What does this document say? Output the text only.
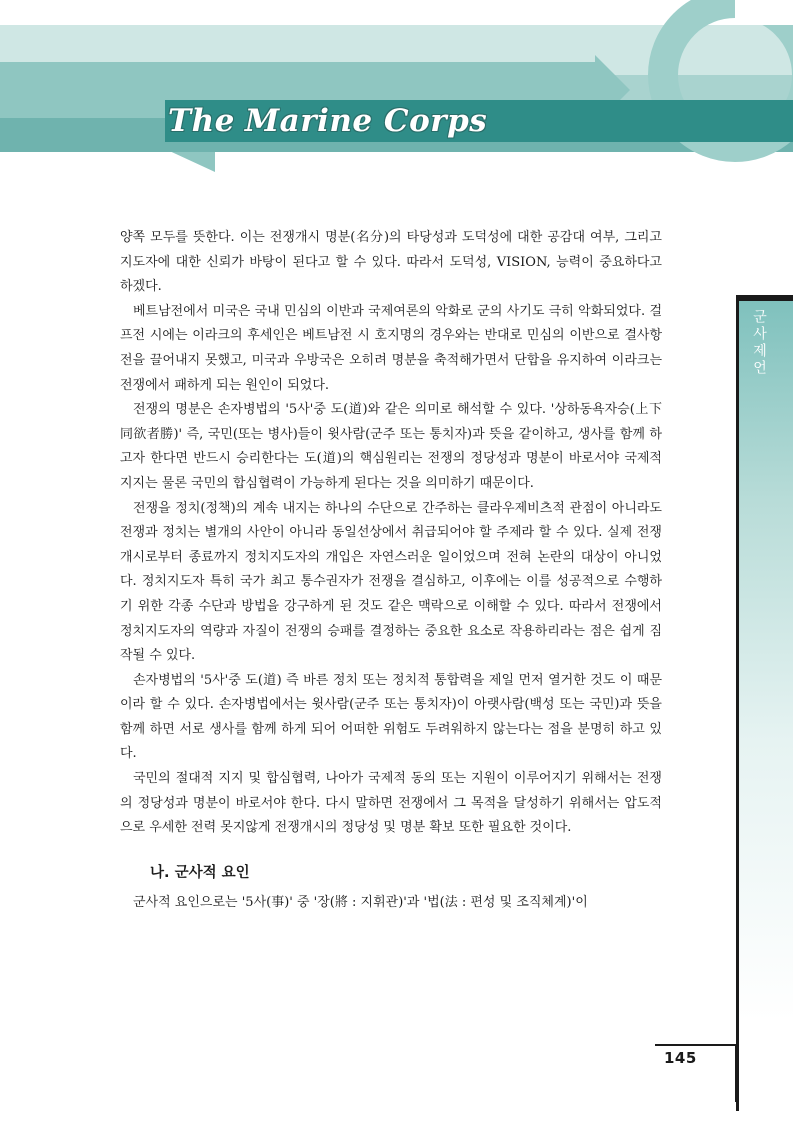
The Marine Corps
군사제언

양쪽 모두를 뜻한다. 이는 전쟁개시 명분(名分)의 타당성과 도덕성에 대한 공감대 여부, 그리고 지도자에 대한 신뢰가 바탕이 된다고 할 수 있다. 따라서 도덕성, VISION, 능력이 중요하다고 하겠다.

베트남전에서 미국은 국내 민심의 이반과 국제여론의 악화로 군의 사기도 극히 악화되었다. 걸프전 시에는 이라크의 후세인은 베트남전 시 호지명의 경우와는 반대로 민심의 이반으로 결사항전을 끌어내지 못했고, 미국과 우방국은 오히려 명분을 축적해가면서 단합을 유지하여 이라크는 전쟁에서 패하게 되는 원인이 되었다.

전쟁의 명분은 손자병법의 '5사'중 도(道)와 같은 의미로 해석할 수 있다. '상하동욕자승(上下同欲者勝)' 즉, 국민(또는 병사)들이 윗사람(군주 또는 통치자)과 뜻을 같이하고, 생사를 함께 하고자 한다면 반드시 승리한다는 도(道)의 핵심원리는 전쟁의 정당성과 명분이 바로서야 국제적 지지는 물론 국민의 합심협력이 가능하게 된다는 것을 의미하기 때문이다.

전쟁을 정치(정책)의 계속 내지는 하나의 수단으로 간주하는 클라우제비츠적 관점이 아니라도 전쟁과 정치는 별개의 사안이 아니라 동일선상에서 취급되어야 할 주제라 할 수 있다. 실제 전쟁 개시로부터 종료까지 정치지도자의 개입은 자연스러운 일이었으며 전혀 논란의 대상이 아니었다. 정치지도자 특히 국가 최고 통수권자가 전쟁을 결심하고, 이후에는 이를 성공적으로 수행하기 위한 각종 수단과 방법을 강구하게 된 것도 같은 맥락으로 이해할 수 있다. 따라서 전쟁에서 정치지도자의 역량과 자질이 전쟁의 승패를 결정하는 중요한 요소로 작용하리라는 점은 쉽게 짐작될 수 있다.

손자병법의 '5사'중 도(道) 즉 바른 정치 또는 정치적 통합력을 제일 먼저 열거한 것도 이 때문이라 할 수 있다. 손자병법에서는 윗사람(군주 또는 통치자)이 아랫사람(백성 또는 국민)과 뜻을 함께 하면 서로 생사를 함께 하게 되어 어떠한 위험도 두려워하지 않는다는 점을 분명히 하고 있다.

국민의 절대적 지지 및 합심협력, 나아가 국제적 동의 또는 지원이 이루어지기 위해서는 전쟁의 정당성과 명분이 바로서야 한다. 다시 말하면 전쟁에서 그 목적을 달성하기 위해서는 압도적으로 우세한 전력 못지않게 전쟁개시의 정당성 및 명분 확보 또한 필요한 것이다.

나. 군사적 요인

군사적 요인으로는 '5사(事)' 중 '장(將 : 지휘관)'과 '법(法 : 편성 및 조직체계)'이

145
